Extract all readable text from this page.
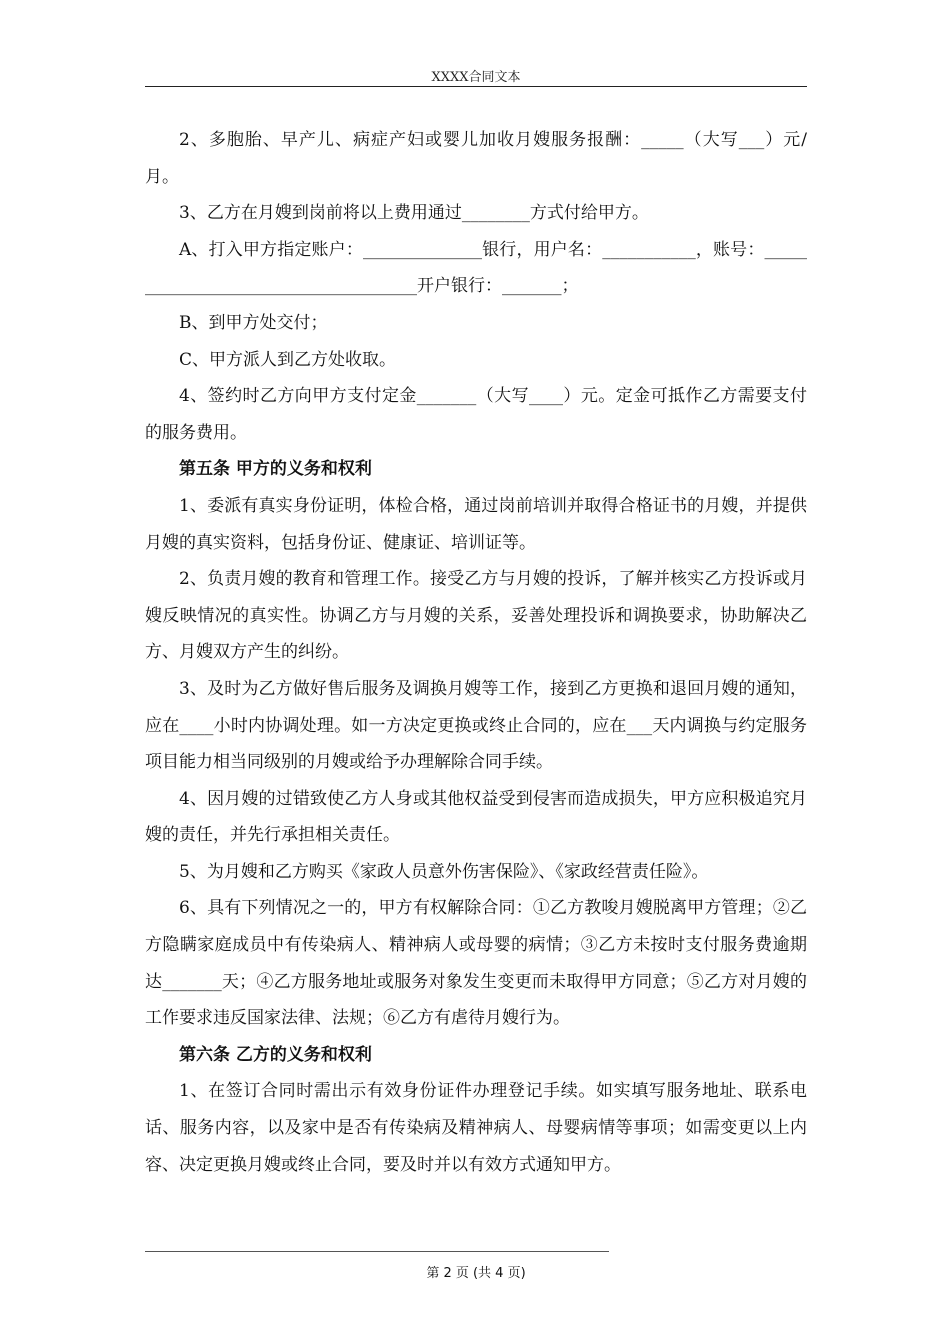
XXXX合同文本

2、多胞胎、早产儿、病症产妇或婴儿加收月嫂服务报酬：_____（大写___）元/月。

3、乙方在月嫂到岗前将以上费用通过________方式付给甲方。

A、打入甲方指定账户：______________银行，用户名：___________，账号：_____________________________________开户银行：_______；

B、到甲方处交付；

C、甲方派人到乙方处收取。

4、签约时乙方向甲方支付定金_______（大写____）元。定金可抵作乙方需要支付的服务费用。

第五条 甲方的义务和权利

1、委派有真实身份证明，体检合格，通过岗前培训并取得合格证书的月嫂，并提供月嫂的真实资料，包括身份证、健康证、培训证等。

2、负责月嫂的教育和管理工作。接受乙方与月嫂的投诉，了解并核实乙方投诉或月嫂反映情况的真实性。协调乙方与月嫂的关系，妥善处理投诉和调换要求，协助解决乙方、月嫂双方产生的纠纷。

3、及时为乙方做好售后服务及调换月嫂等工作，接到乙方更换和退回月嫂的通知，应在____小时内协调处理。如一方决定更换或终止合同的，应在___天内调换与约定服务项目能力相当同级别的月嫂或给予办理解除合同手续。

4、因月嫂的过错致使乙方人身或其他权益受到侵害而造成损失，甲方应积极追究月嫂的责任，并先行承担相关责任。

5、为月嫂和乙方购买《家政人员意外伤害保险》、《家政经营责任险》。

6、具有下列情况之一的，甲方有权解除合同：①乙方教唆月嫂脱离甲方管理；②乙方隐瞒家庭成员中有传染病人、精神病人或母婴的病情；③乙方未按时支付服务费逾期达_______天；④乙方服务地址或服务对象发生变更而未取得甲方同意；⑤乙方对月嫂的工作要求违反国家法律、法规；⑥乙方有虐待月嫂行为。

第六条 乙方的义务和权利

1、在签订合同时需出示有效身份证件办理登记手续。如实填写服务地址、联系电话、服务内容，以及家中是否有传染病及精神病人、母婴病情等事项；如需变更以上内容、决定更换月嫂或终止合同，要及时并以有效方式通知甲方。

第 2 页 (共 4 页)
